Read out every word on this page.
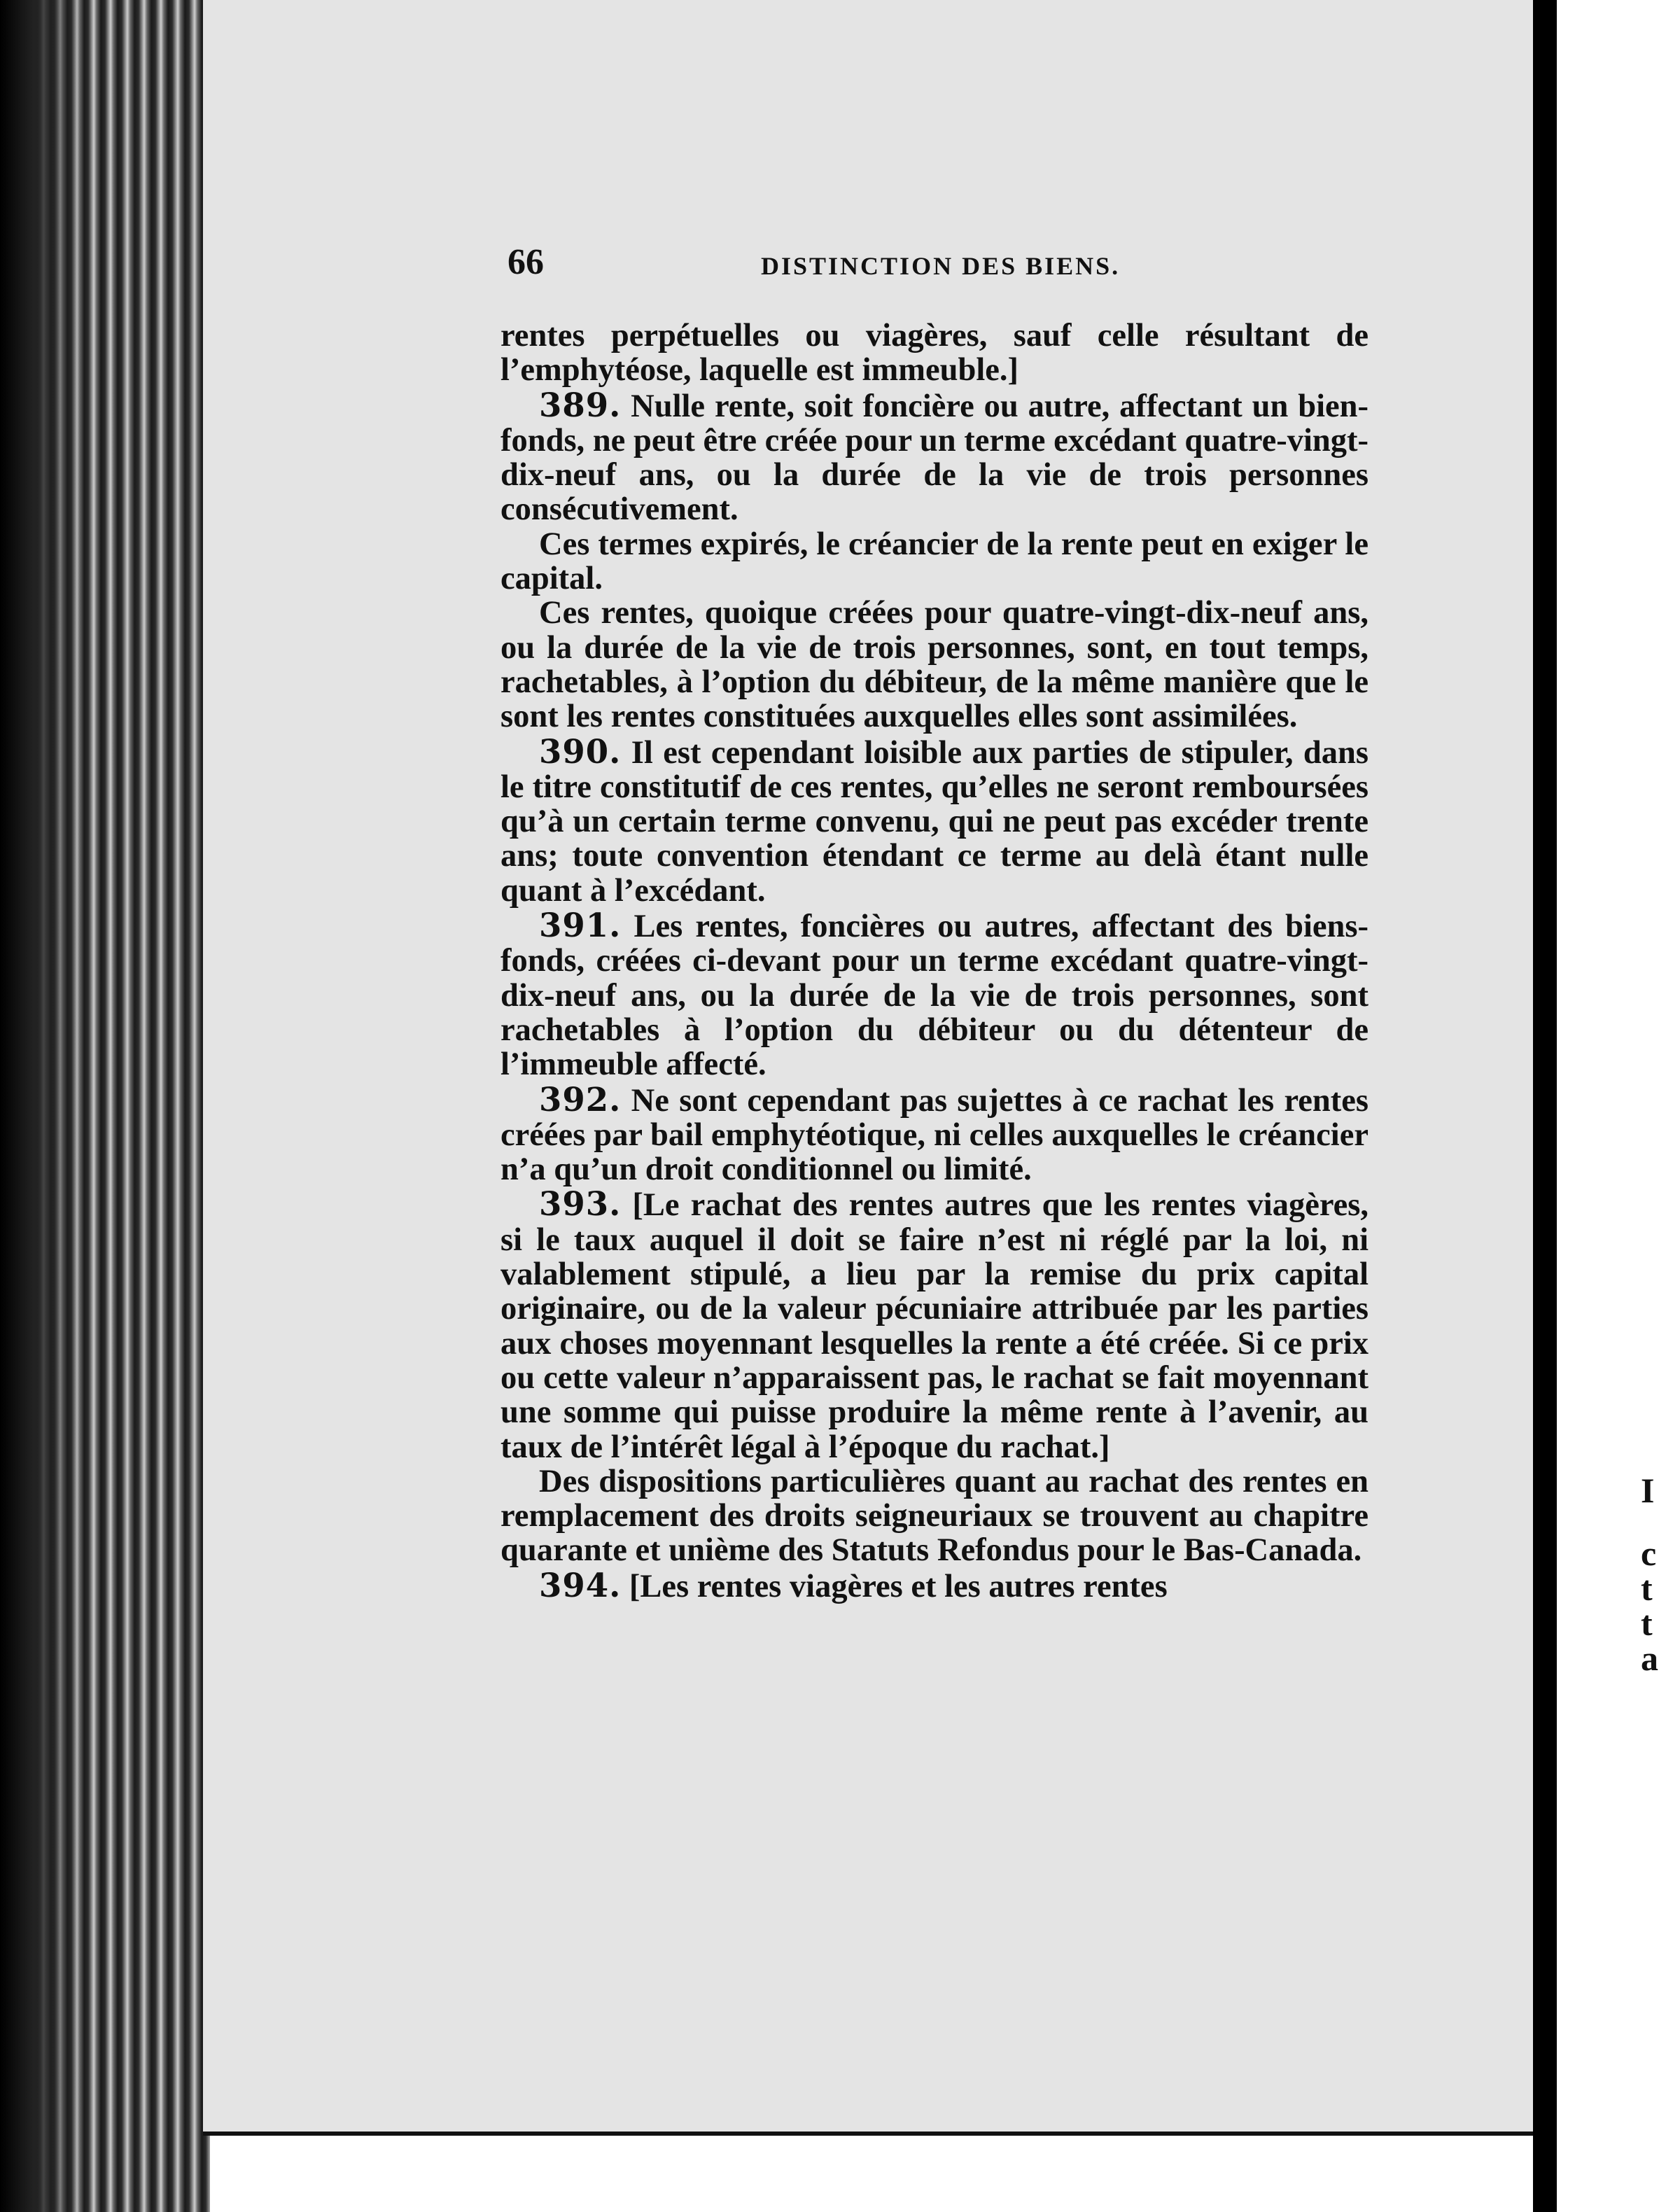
66	DISTINCTION DES BIENS.

rentes perpétuelles ou viagères, sauf celle résultant de l’emphytéose, laquelle est immeuble.]

389. Nulle rente, soit foncière ou autre, affectant un bien-fonds, ne peut être créée pour un terme excédant quatre-vingt-dix-neuf ans, ou la durée de la vie de trois personnes consécutivement.

Ces termes expirés, le créancier de la rente peut en exiger le capital.

Ces rentes, quoique créées pour quatre-vingt-dix-neuf ans, ou la durée de la vie de trois personnes, sont, en tout temps, rachetables, à l’option du débiteur, de la même manière que le sont les rentes constituées auxquelles elles sont assimilées.

390. Il est cependant loisible aux parties de stipuler, dans le titre constitutif de ces rentes, qu’elles ne seront remboursées qu’à un certain terme convenu, qui ne peut pas excéder trente ans; toute convention étendant ce terme au delà étant nulle quant à l’excédant.

391. Les rentes, foncières ou autres, affectant des biens-fonds, créées ci-devant pour un terme excédant quatre-vingt-dix-neuf ans, ou la durée de la vie de trois personnes, sont rachetables à l’option du débiteur ou du détenteur de l’immeuble affecté.

392. Ne sont cependant pas sujettes à ce rachat les rentes créées par bail emphytéotique, ni celles auxquelles le créancier n’a qu’un droit conditionnel ou limité.

393. [Le rachat des rentes autres que les rentes viagères, si le taux auquel il doit se faire n’est ni réglé par la loi, ni valablement stipulé, a lieu par la remise du prix capital originaire, ou de la valeur pécuniaire attribuée par les parties aux choses moyennant lesquelles la rente a été créée. Si ce prix ou cette valeur n’apparaissent pas, le rachat se fait moyennant une somme qui puisse produire la même rente à l’avenir, au taux de l’intérêt légal à l’époque du rachat.]

Des dispositions particulières quant au rachat des rentes en remplacement des droits seigneuriaux se trouvent au chapitre quarante et unième des Statuts Refondus pour le Bas-Canada.

394. [Les rentes viagères et les autres rentes

I
c
t
t
a
